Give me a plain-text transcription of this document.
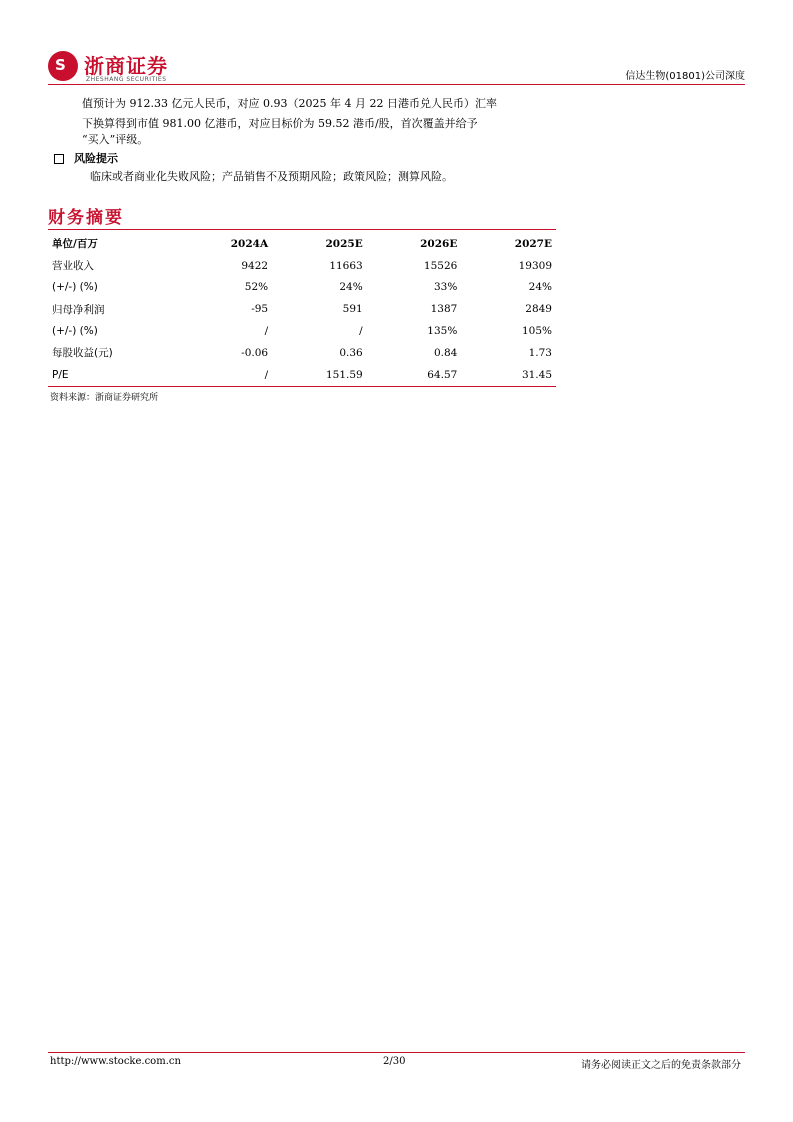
S 浙商证券
ZHESHANG SECURITIES	信达生物(01801)公司深度
值预计为 912.33 亿元人民币，对应 0.93（2025 年 4 月 22 日港币兑人民币）汇率
下换算得到市值 981.00 亿港币，对应目标价为 59.52 港币/股，首次覆盖并给予
“买入”评级。
风险提示
临床或者商业化失败风险；产品销售不及预期风险；政策风险；测算风险。
财务摘要
单位/百万	2024A	2025E	2026E	2027E
营业收入	9422	11663	15526	19309
(+/-) (%)	52%	24%	33%	24%
归母净利润	-95	591	1387	2849
(+/-) (%)	/	/	135%	105%
每股收益(元)	-0.06	0.36	0.84	1.73
P/E	/	151.59	64.57	31.45
资料来源：浙商证券研究所
http://www.stocke.com.cn	2/30	请务必阅读正文之后的免责条款部分
